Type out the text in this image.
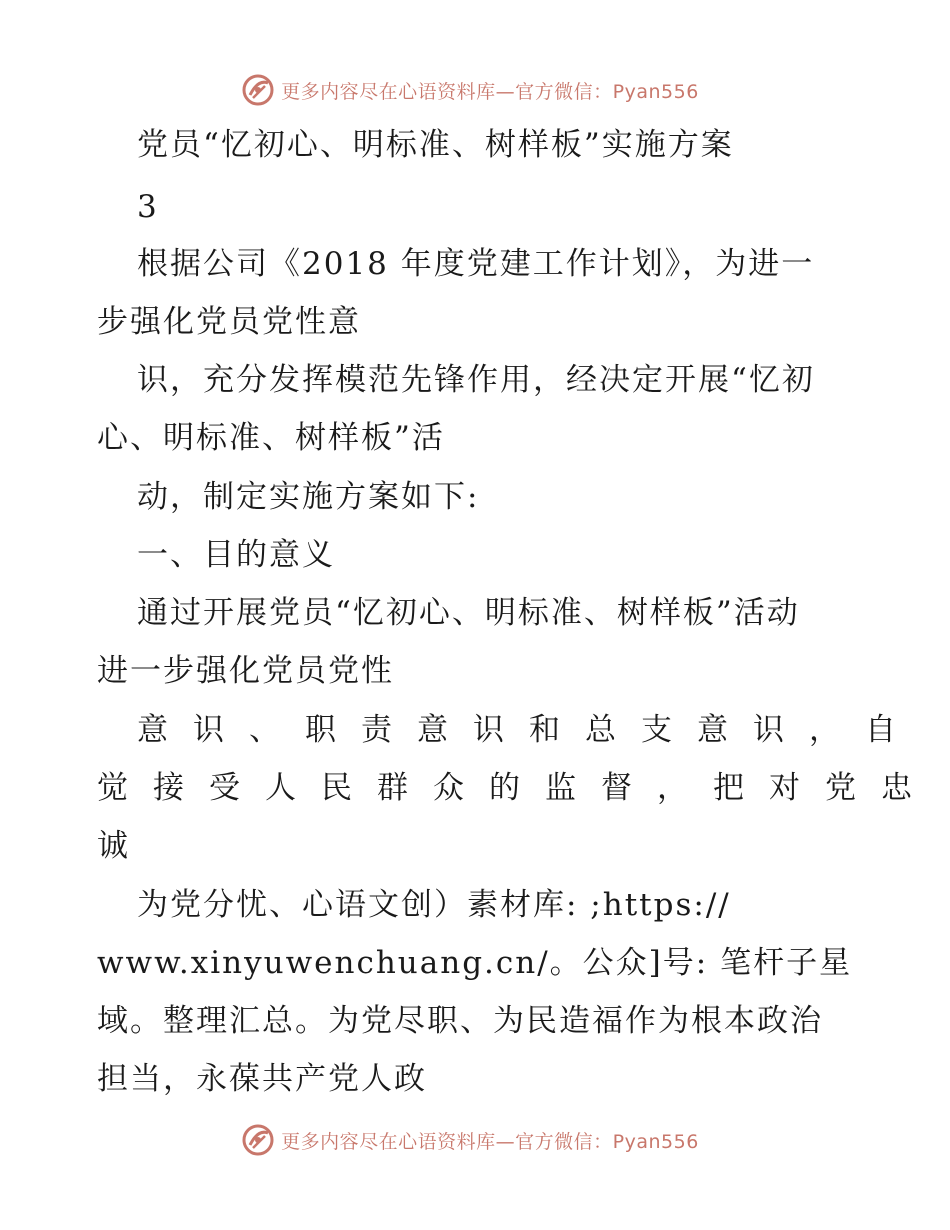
更多内容尽在心语资料库—官方微信：Pyan556
党员“忆初心、明标准、树样板”实施方案
3
根据公司《2018 年度党建工作计划》，为进一
步强化党员党性意
识，充分发挥模范先锋作用，经决定开展“忆初
心、明标准、树样板”活
动，制定实施方案如下:
一、目的意义
通过开展党员“忆初心、明标准、树样板”活动
进一步强化党员党性
意识、职责意识和总支意识，自
觉接受人民群众的监督，把对党忠
诚
为党分忧、心语文创）素材库: ;https://
www.xinyuwenchuang.cn/。公众]号: 笔杆子星
域。整理汇总。为党尽职、为民造福作为根本政治
担当，永葆共产党人政
更多内容尽在心语资料库—官方微信：Pyan556
